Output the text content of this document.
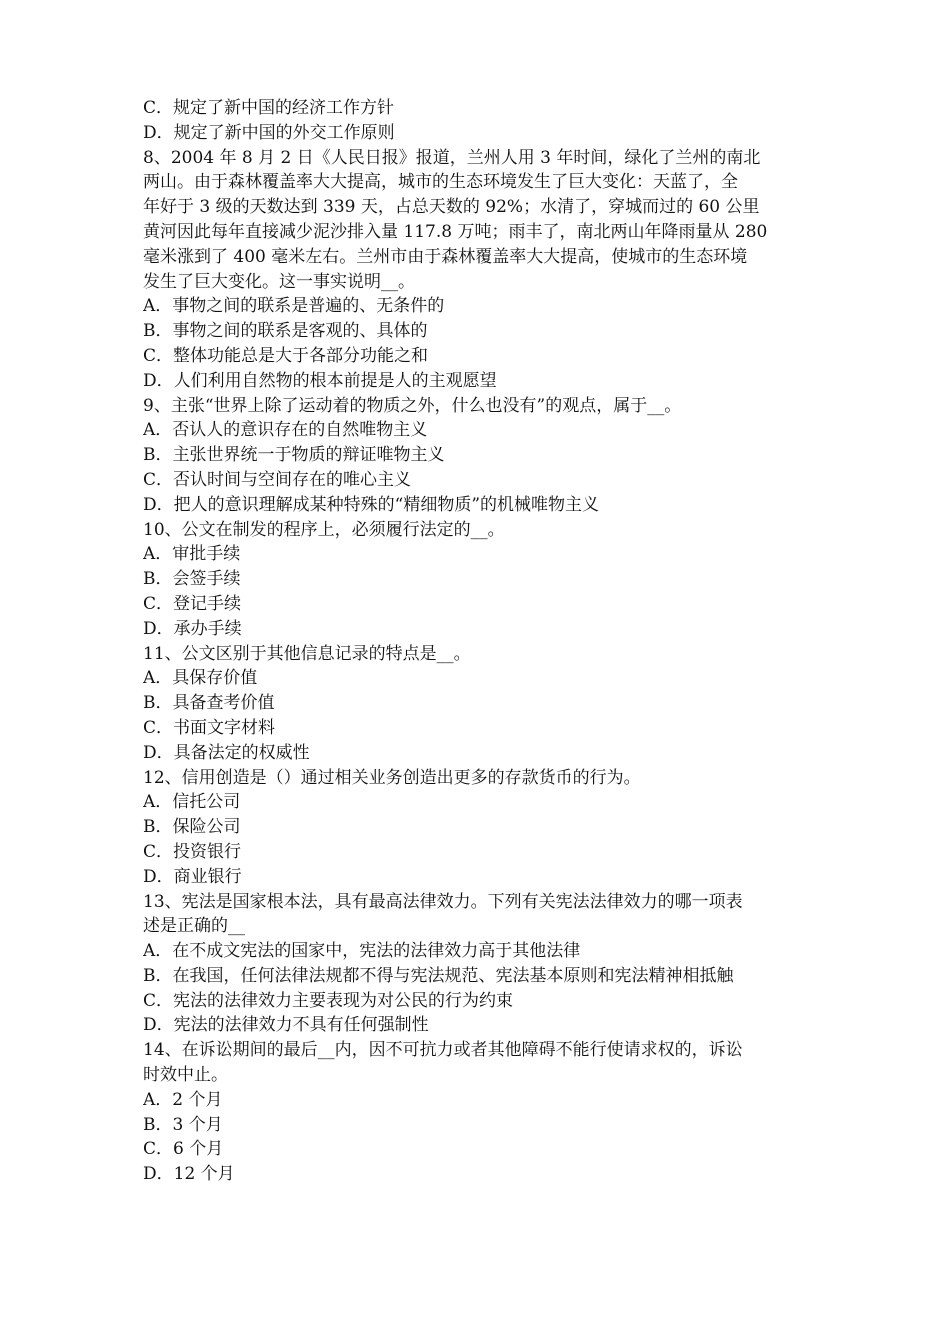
C．规定了新中国的经济工作方针
D．规定了新中国的外交工作原则
8、2004 年 8 月 2 日《人民日报》报道，兰州人用 3 年时间，绿化了兰州的南北
两山。由于森林覆盖率大大提高，城市的生态环境发生了巨大变化：天蓝了，全
年好于 3 级的天数达到 339 天，占总天数的 92%；水清了，穿城而过的 60 公里
黄河因此每年直接减少泥沙排入量 117.8 万吨；雨丰了，南北两山年降雨量从 280
毫米涨到了 400 毫米左右。兰州市由于森林覆盖率大大提高，使城市的生态环境
发生了巨大变化。这一事实说明__。
A．事物之间的联系是普遍的、无条件的
B．事物之间的联系是客观的、具体的
C．整体功能总是大于各部分功能之和
D．人们利用自然物的根本前提是人的主观愿望
9、主张“世界上除了运动着的物质之外，什么也没有”的观点，属于__。
A．否认人的意识存在的自然唯物主义
B．主张世界统一于物质的辩证唯物主义
C．否认时间与空间存在的唯心主义
D．把人的意识理解成某种特殊的“精细物质”的机械唯物主义
10、公文在制发的程序上，必须履行法定的__。
A．审批手续
B．会签手续
C．登记手续
D．承办手续
11、公文区别于其他信息记录的特点是__。
A．具保存价值
B．具备查考价值
C．书面文字材料
D．具备法定的权威性
12、信用创造是（）通过相关业务创造出更多的存款货币的行为。
A．信托公司
B．保险公司
C．投资银行
D．商业银行
13、宪法是国家根本法，具有最高法律效力。下列有关宪法法律效力的哪一项表
述是正确的__
A．在不成文宪法的国家中，宪法的法律效力高于其他法律
B．在我国，任何法律法规都不得与宪法规范、宪法基本原则和宪法精神相抵触
C．宪法的法律效力主要表现为对公民的行为约束
D．宪法的法律效力不具有任何强制性
14、在诉讼期间的最后__内，因不可抗力或者其他障碍不能行使请求权的，诉讼
时效中止。
A．2 个月
B．3 个月
C．6 个月
D．12 个月
